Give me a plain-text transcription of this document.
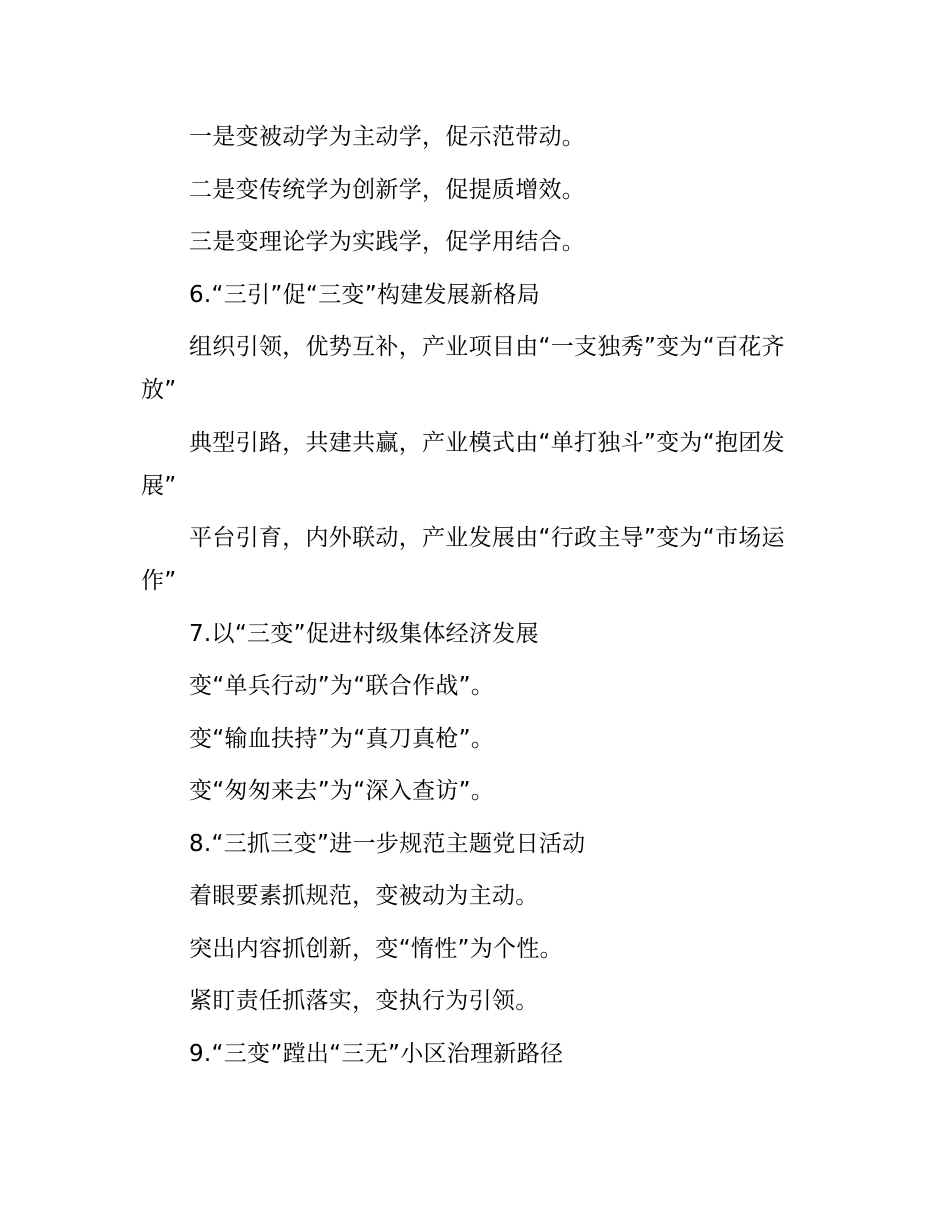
一是变被动学为主动学，促示范带动。

二是变传统学为创新学，促提质增效。

三是变理论学为实践学，促学用结合。

6.“三引”促“三变”构建发展新格局

组织引领，优势互补，产业项目由“一支独秀”变为“百花齐放”

典型引路，共建共赢，产业模式由“单打独斗”变为“抱团发展”

平台引育，内外联动，产业发展由“行政主导”变为“市场运作”

7.以“三变”促进村级集体经济发展

变“单兵行动”为“联合作战”。

变“输血扶持”为“真刀真枪”。

变“匆匆来去”为“深入查访”。

8.“三抓三变”进一步规范主题党日活动

着眼要素抓规范，变被动为主动。

突出内容抓创新，变“惰性”为个性。

紧盯责任抓落实，变执行为引领。

9.“三变”蹚出“三无”小区治理新路径
